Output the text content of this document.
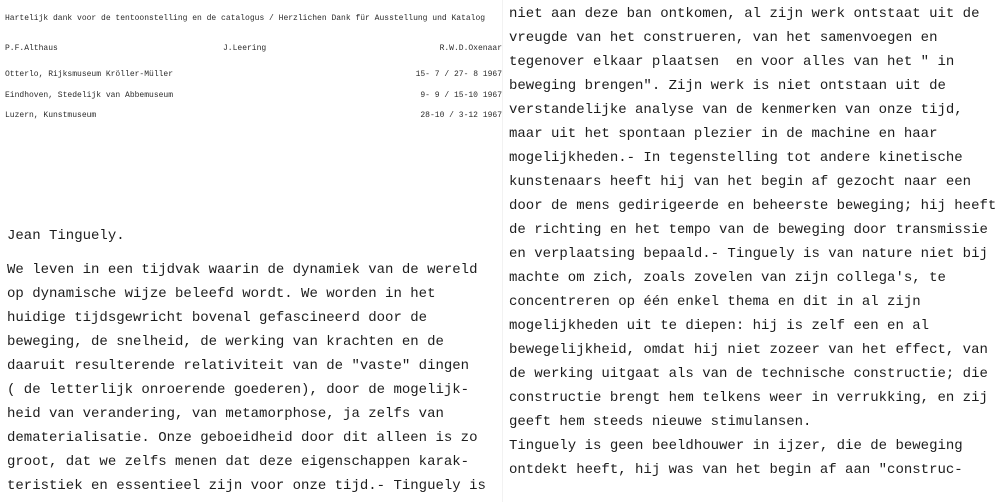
Hartelijk dank voor de tentoonstelling en de catalogus / Herzlichen Dank für Ausstellung und Katalog
P.F.Althaus	J.Leering	R.W.D.Oxenaar
Otterlo, Rijksmuseum Kröller-Müller	15- 7 / 27- 8 1967
Eindhoven, Stedelijk van Abbemuseum	9- 9 / 15-10 1967
Luzern, Kunstmuseum	28-10 / 3-12 1967
Jean Tinguely.
We leven in een tijdvak waarin de dynamiek van de wereld
op dynamische wijze beleefd wordt. We worden in het
huidige tijdsgewricht bovenal gefascineerd door de
beweging, de snelheid, de werking van krachten en de
daaruit resulterende relativiteit van de "vaste" dingen
( de letterlijk onroerende goederen), door de mogelijk-
heid van verandering, van metamorphose, ja zelfs van
dematerialisatie. Onze geboeidheid door dit alleen is zo
groot, dat we zelfs menen dat deze eigenschappen karak-
teristiek en essentieel zijn voor onze tijd.- Tinguely is
niet aan deze ban ontkomen, al zijn werk ontstaat uit de
vreugde van het construeren, van het samenvoegen en
tegenover elkaar plaatsen  en voor alles van het " in
beweging brengen". Zijn werk is niet ontstaan uit de
verstandelijke analyse van de kenmerken van onze tijd,
maar uit het spontaan plezier in de machine en haar
mogelijkheden.- In tegenstelling tot andere kinetische
kunstenaars heeft hij van het begin af gezocht naar een
door de mens gedirigeerde en beheerste beweging; hij heeft
de richting en het tempo van de beweging door transmissie
en verplaatsing bepaald.- Tinguely is van nature niet bij
machte om zich, zoals zovelen van zijn collega's, te
concentreren op één enkel thema en dit in al zijn
mogelijkheden uit te diepen: hij is zelf een en al
bewegelijkheid, omdat hij niet zozeer van het effect, van
de werking uitgaat als van de technische constructie; die
constructie brengt hem telkens weer in verrukking, en zij
geeft hem steeds nieuwe stimulansen.
Tinguely is geen beeldhouwer in ijzer, die de beweging
ontdekt heeft, hij was van het begin af aan "construc-
